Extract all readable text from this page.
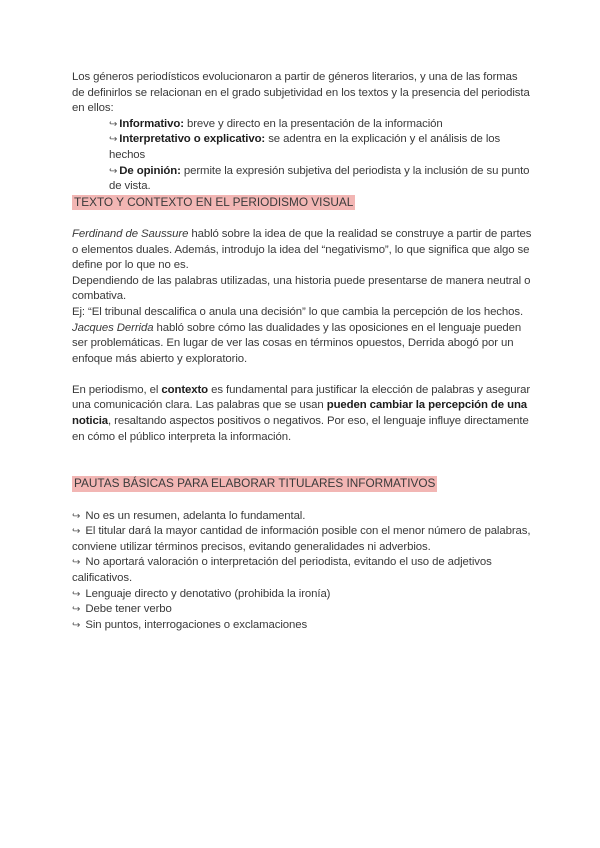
Los géneros periodísticos evolucionaron a partir de géneros literarios, y una de las formas de definirlos se relacionan en el grado subjetividad en los textos y la presencia del periodista en ellos:

↪ Informativo: breve y directo en la presentación de la información

↪ Interpretativo o explicativo: se adentra en la explicación y el análisis de los hechos

↪ De opinión: permite la expresión subjetiva del periodista y la inclusión de su punto de vista.

TEXTO Y CONTEXTO EN EL PERIODISMO VISUAL

Ferdinand de Saussure habló sobre la idea de que la realidad se construye a partir de partes o elementos duales. Además, introdujo la idea del “negativismo”, lo que significa que algo se define por lo que no es.

Dependiendo de las palabras utilizadas, una historia puede presentarse de manera neutral o combativa.

Ej: “El tribunal descalifica o anula una decisión” lo que cambia la percepción de los hechos.

Jacques Derrida habló sobre cómo las dualidades y las oposiciones en el lenguaje pueden ser problemáticas. En lugar de ver las cosas en términos opuestos, Derrida abogó por un enfoque más abierto y exploratorio.

En periodismo, el contexto es fundamental para justificar la elección de palabras y asegurar una comunicación clara. Las palabras que se usan pueden cambiar la percepción de una noticia, resaltando aspectos positivos o negativos. Por eso, el lenguaje influye directamente en cómo el público interpreta la información.

PAUTAS BÁSICAS PARA ELABORAR TITULARES INFORMATIVOS

↪ No es un resumen, adelanta lo fundamental.

↪ El titular dará la mayor cantidad de información posible con el menor número de palabras, conviene utilizar términos precisos, evitando generalidades ni adverbios.

↪ No aportará valoración o interpretación del periodista, evitando el uso de adjetivos calificativos.

↪ Lenguaje directo y denotativo (prohibida la ironía)

↪ Debe tener verbo

↪ Sin puntos, interrogaciones o exclamaciones
